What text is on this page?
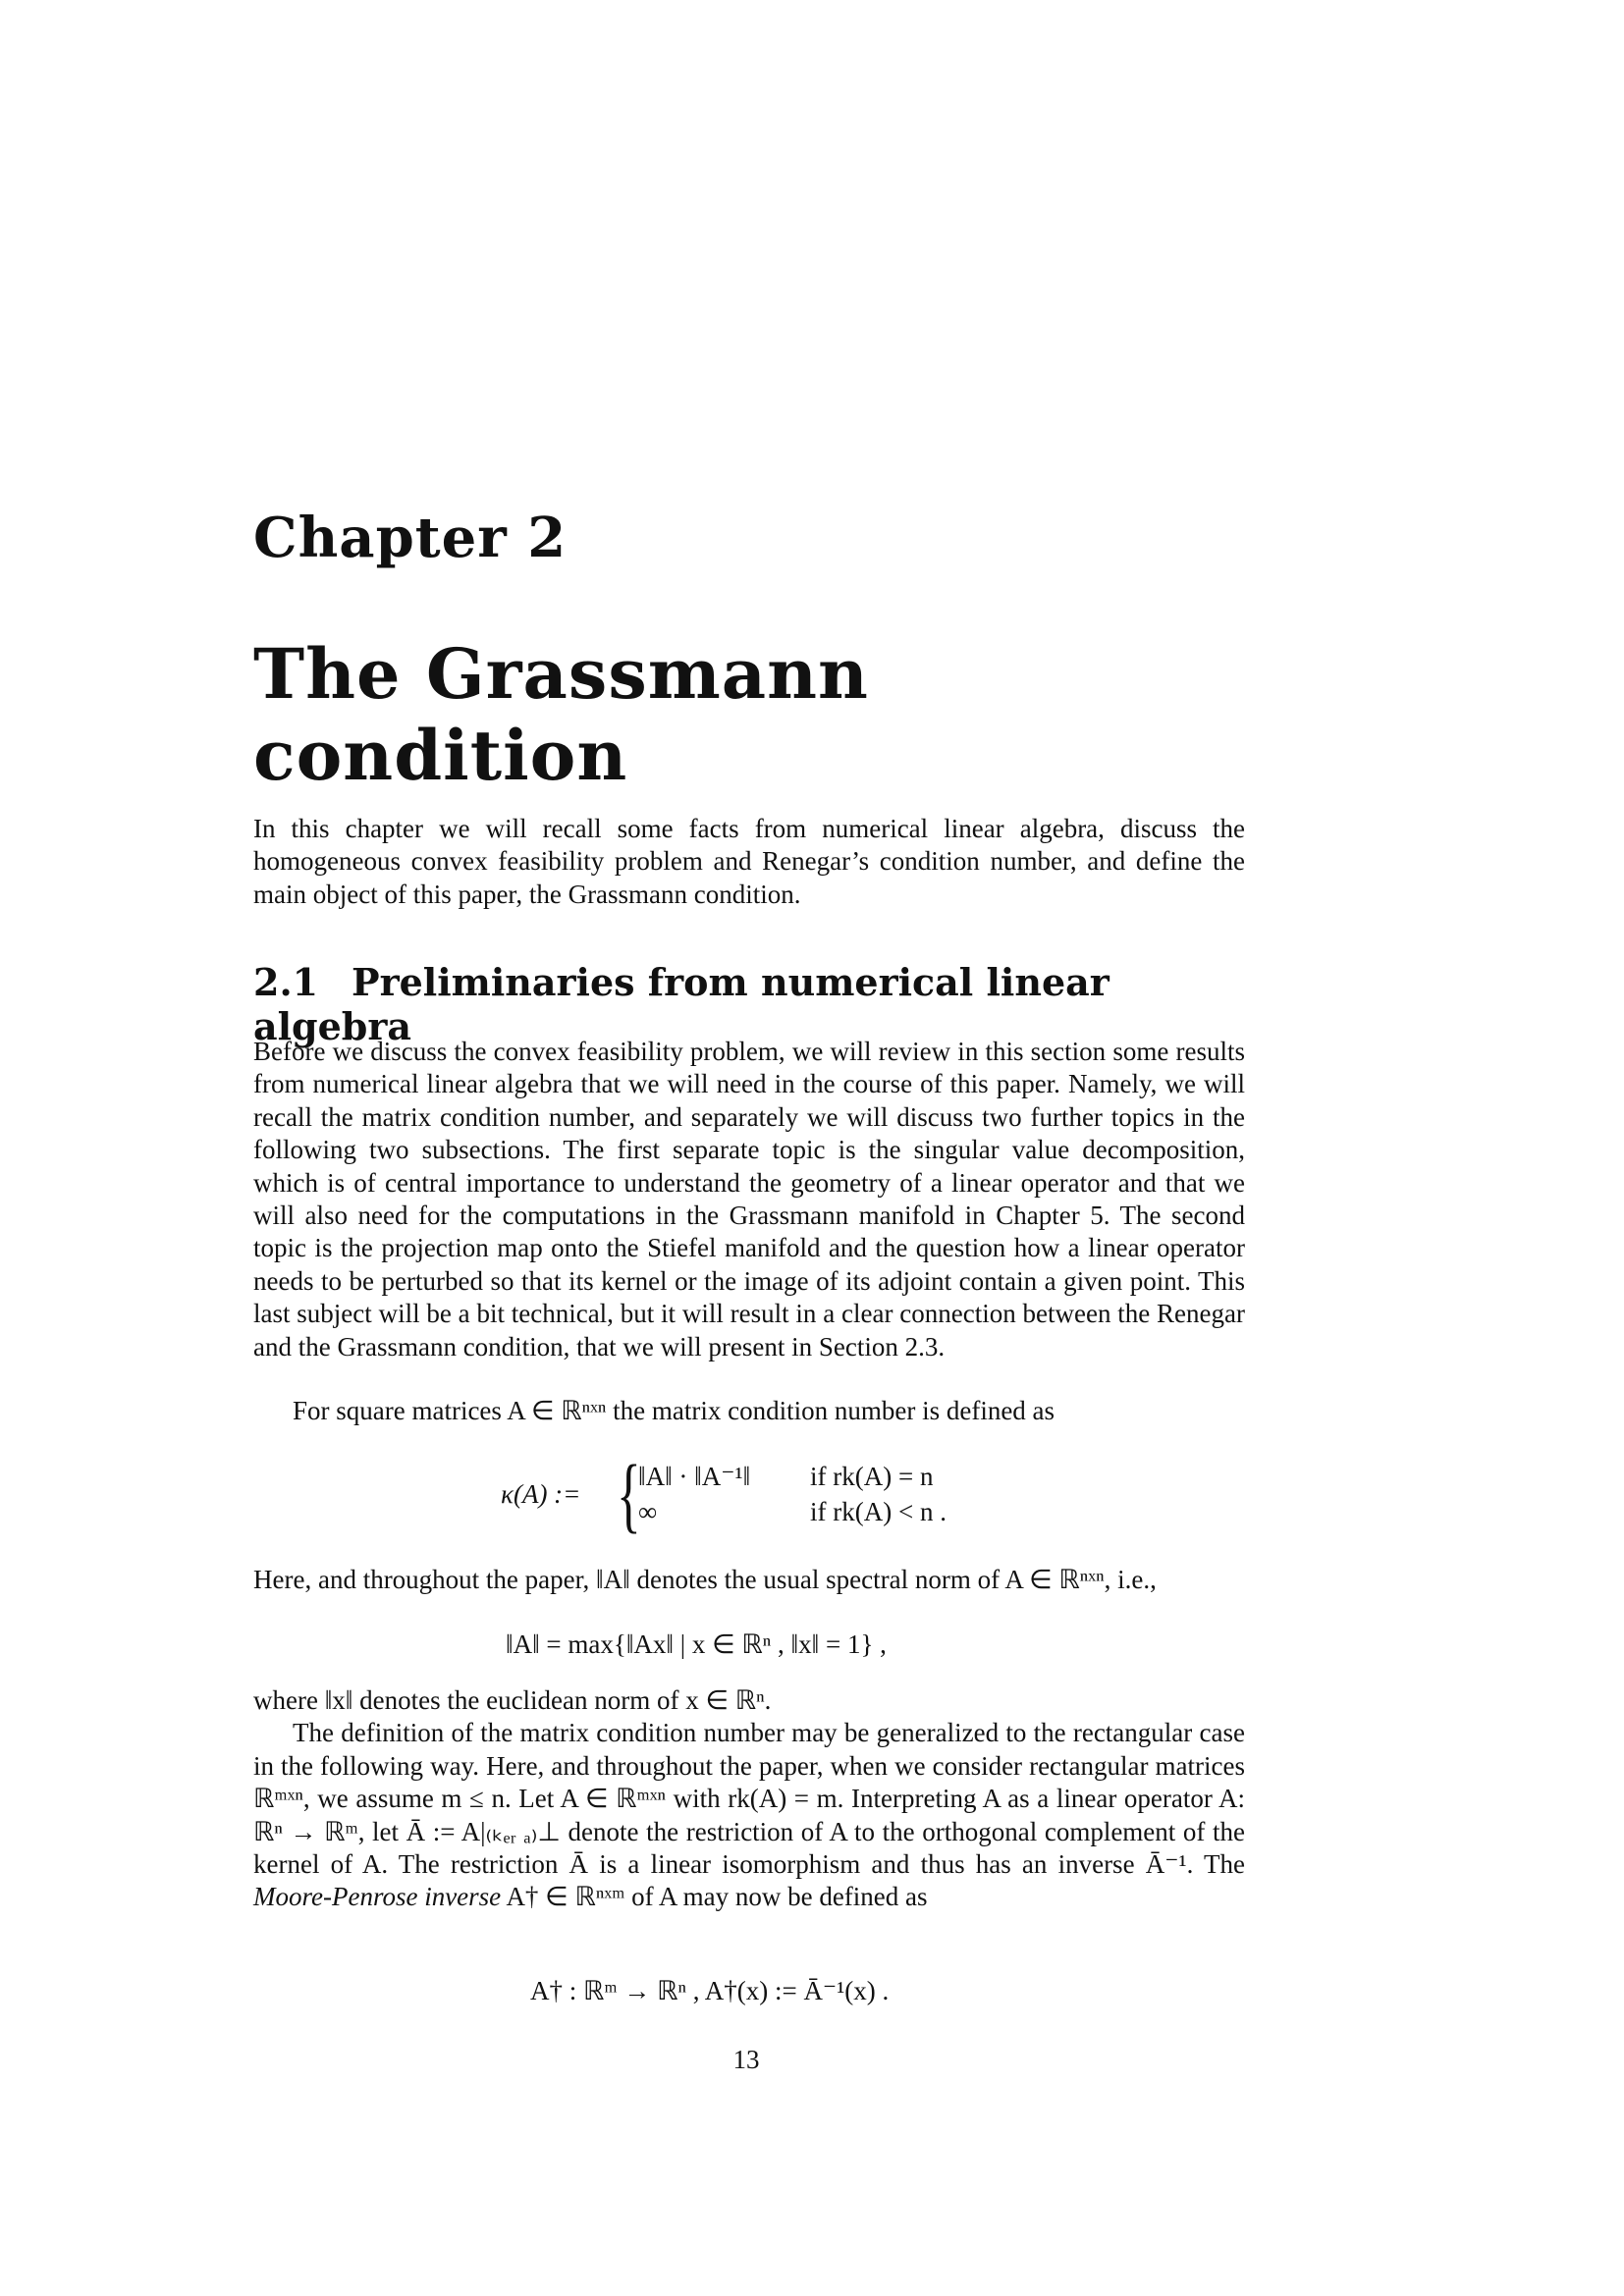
Chapter 2
The Grassmann condition

In this chapter we will recall some facts from numerical linear algebra, discuss the homogeneous convex feasibility problem and Renegar’s condition number, and define the main object of this paper, the Grassmann condition.

2.1 Preliminaries from numerical linear algebra

Before we discuss the convex feasibility problem, we will review in this section some results from numerical linear algebra that we will need in the course of this paper. Namely, we will recall the matrix condition number, and separately we will discuss two further topics in the following two subsections. The first separate topic is the singular value decomposition, which is of central importance to understand the geometry of a linear operator and that we will also need for the computations in the Grassmann manifold in Chapter 5. The second topic is the projection map onto the Stiefel manifold and the question how a linear operator needs to be perturbed so that its kernel or the image of its adjoint contain a given point. This last subject will be a bit technical, but it will result in a clear connection between the Renegar and the Grassmann condition, that we will present in Section 2.3.

For square matrices A ∈ ℝⁿˣⁿ the matrix condition number is defined as

κ(A) := {
‖A‖ · ‖A⁻¹‖ if rk(A) = n
∞	if rk(A) < n .

Here, and throughout the paper, ‖A‖ denotes the usual spectral norm of A ∈ ℝⁿˣⁿ, i.e.,

‖A‖ = max{‖Ax‖ | x ∈ ℝⁿ , ‖x‖ = 1} ,

where ‖x‖ denotes the euclidean norm of x ∈ ℝⁿ.

The definition of the matrix condition number may be generalized to the rectangular case in the following way. Here, and throughout the paper, when we consider rectangular matrices ℝᵐˣⁿ, we assume m ≤ n. Let A ∈ ℝᵐˣⁿ with rk(A) = m. Interpreting A as a linear operator A: ℝⁿ → ℝᵐ, let Ā := A|₍ₖₑᵣ ₐ₎⊥ denote the restriction of A to the orthogonal complement of the kernel of A. The restriction Ā is a linear isomorphism and thus has an inverse Ā⁻¹. The Moore-Penrose inverse A† ∈ ℝⁿˣᵐ of A may now be defined as

A† : ℝᵐ → ℝⁿ , A†(x) := Ā⁻¹(x) .
13
